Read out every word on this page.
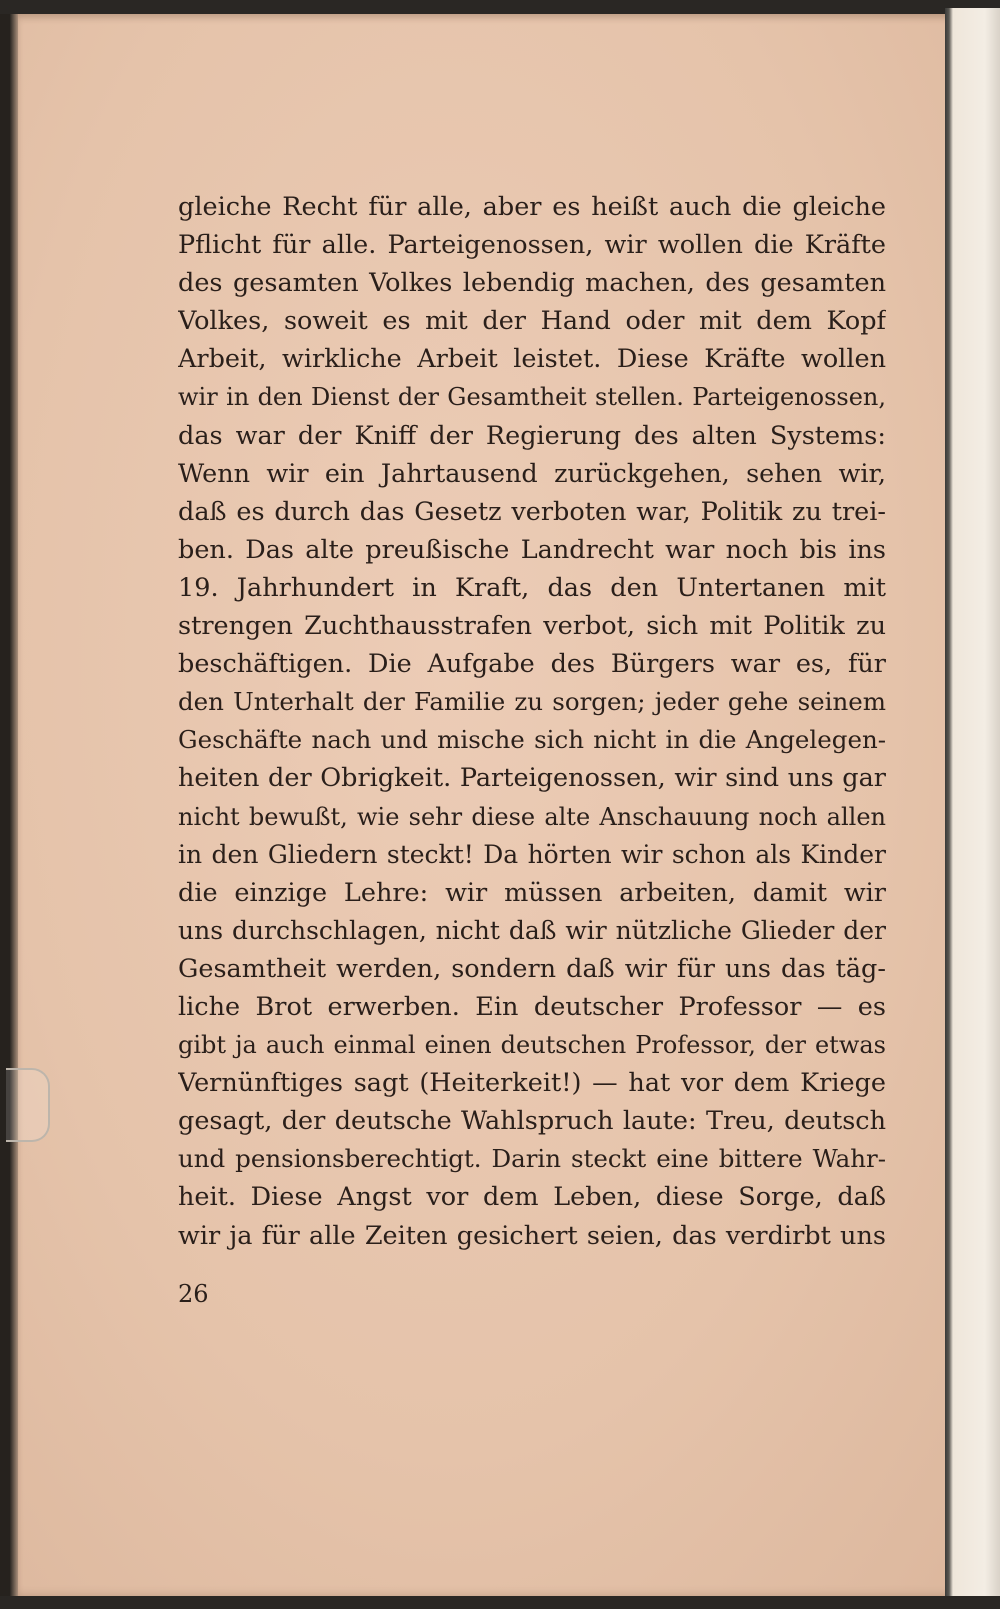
gleiche Recht für alle, aber es heißt auch die gleiche
Pflicht für alle. Parteigenossen, wir wollen die Kräfte
des gesamten Volkes lebendig machen, des gesamten
Volkes, soweit es mit der Hand oder mit dem Kopf
Arbeit, wirkliche Arbeit leistet. Diese Kräfte wollen
wir in den Dienst der Gesamtheit stellen. Parteigenossen,
das war der Kniff der Regierung des alten Systems:
Wenn wir ein Jahrtausend zurückgehen, sehen wir,
daß es durch das Gesetz verboten war, Politik zu trei-
ben. Das alte preußische Landrecht war noch bis ins
19. Jahrhundert in Kraft, das den Untertanen mit
strengen Zuchthausstrafen verbot, sich mit Politik zu
beschäftigen. Die Aufgabe des Bürgers war es, für
den Unterhalt der Familie zu sorgen; jeder gehe seinem
Geschäfte nach und mische sich nicht in die Angelegen-
heiten der Obrigkeit. Parteigenossen, wir sind uns gar
nicht bewußt, wie sehr diese alte Anschauung noch allen
in den Gliedern steckt! Da hörten wir schon als Kinder
die einzige Lehre: wir müssen arbeiten, damit wir
uns durchschlagen, nicht daß wir nützliche Glieder der
Gesamtheit werden, sondern daß wir für uns das täg-
liche Brot erwerben. Ein deutscher Professor — es
gibt ja auch einmal einen deutschen Professor, der etwas
Vernünftiges sagt (Heiterkeit!) — hat vor dem Kriege
gesagt, der deutsche Wahlspruch laute: Treu, deutsch
und pensionsberechtigt. Darin steckt eine bittere Wahr-
heit. Diese Angst vor dem Leben, diese Sorge, daß
wir ja für alle Zeiten gesichert seien, das verdirbt uns
26
